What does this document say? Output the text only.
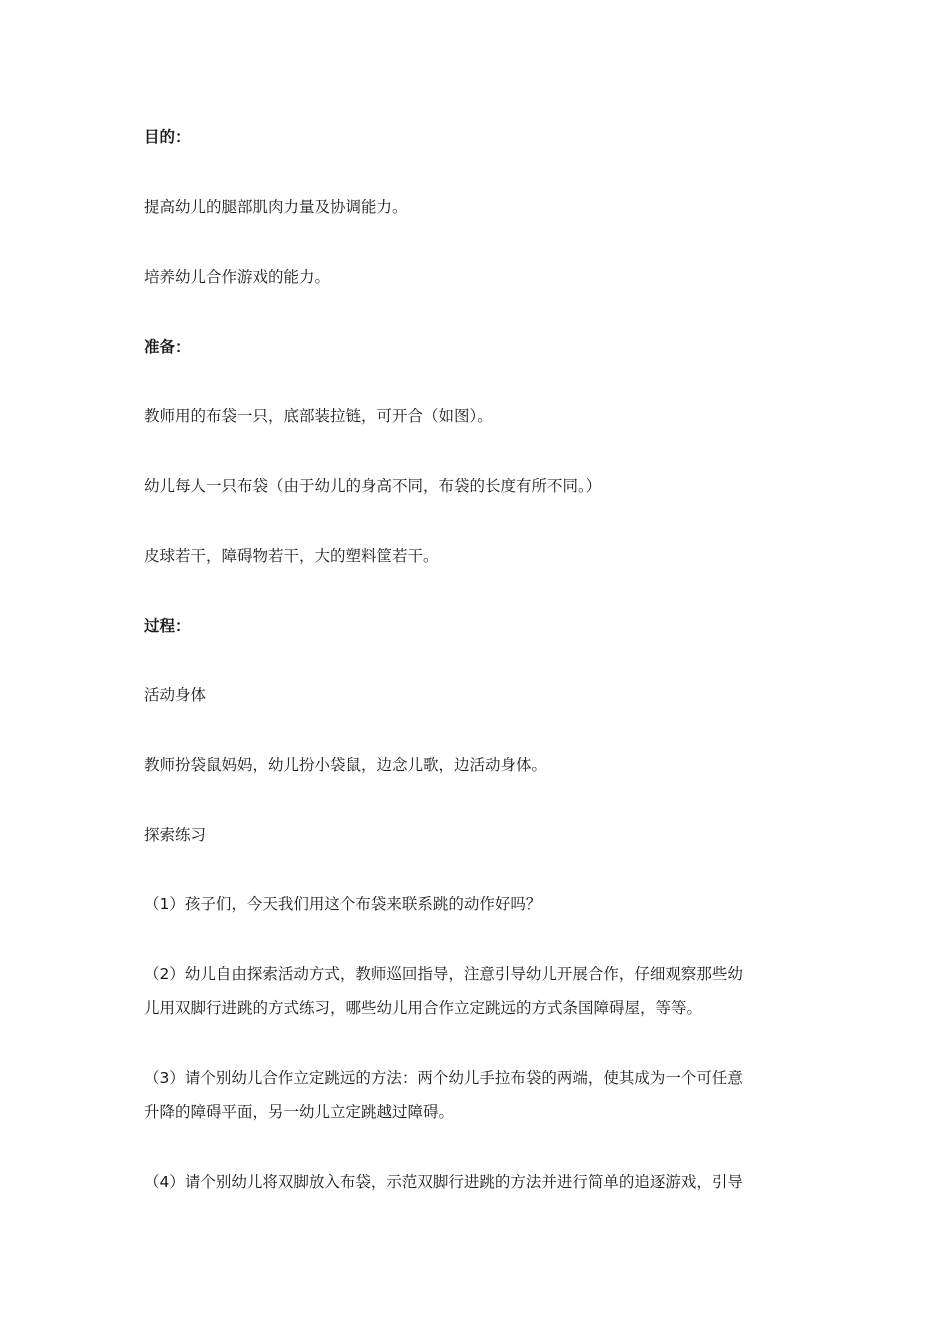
目的：
提高幼儿的腿部肌肉力量及协调能力。
培养幼儿合作游戏的能力。
准备：
教师用的布袋一只，底部装拉链，可开合（如图）。
幼儿每人一只布袋（由于幼儿的身高不同，布袋的长度有所不同。）
皮球若干，障碍物若干，大的塑料筐若干。
过程：
活动身体
教师扮袋鼠妈妈，幼儿扮小袋鼠，边念儿歌，边活动身体。
探索练习
（1）孩子们，今天我们用这个布袋来联系跳的动作好吗？
（2）幼儿自由探索活动方式，教师巡回指导，注意引导幼儿开展合作，仔细观察那些幼
儿用双脚行进跳的方式练习，哪些幼儿用合作立定跳远的方式条国障碍屋，等等。
（3）请个别幼儿合作立定跳远的方法：两个幼儿手拉布袋的两端，使其成为一个可任意
升降的障碍平面，另一幼儿立定跳越过障碍。
（4）请个别幼儿将双脚放入布袋，示范双脚行进跳的方法并进行简单的追逐游戏，引导
